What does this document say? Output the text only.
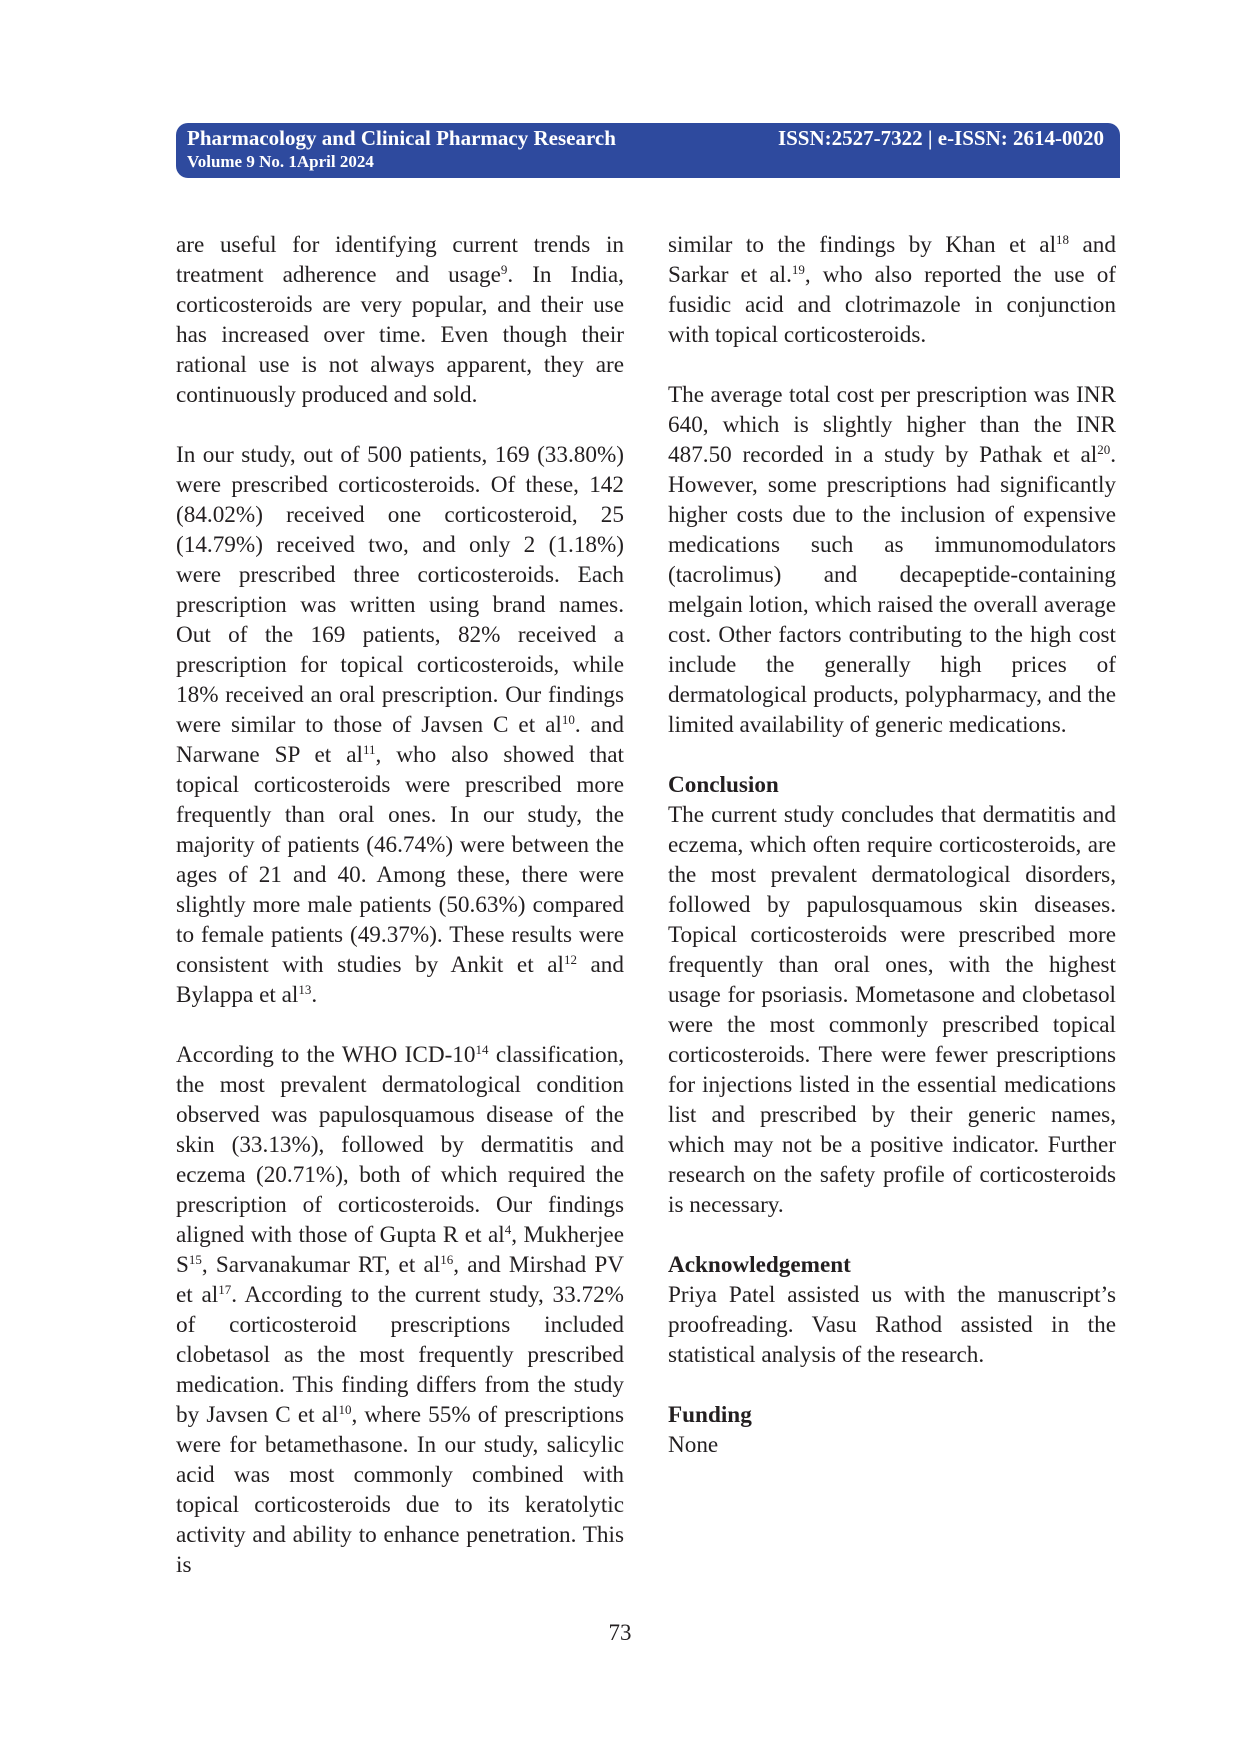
Pharmacology and Clinical Pharmacy Research
Volume 9 No. 1April 2024
ISSN:2527-7322 | e-ISSN: 2614-0020

are useful for identifying current trends in treatment adherence and usage$^9$. In India, corticosteroids are very popular, and their use has increased over time. Even though their rational use is not always apparent, they are continuously produced and sold.

In our study, out of 500 patients, 169 (33.80%) were prescribed corticosteroids. Of these, 142 (84.02%) received one corticosteroid, 25 (14.79%) received two, and only 2 (1.18%) were prescribed three corticosteroids. Each prescription was written using brand names. Out of the 169 patients, 82% received a prescription for topical corticosteroids, while 18% received an oral prescription. Our findings were similar to those of Javsen C et $al^{10}$. and Narwane SP et $al^{11}$, who also showed that topical corticosteroids were prescribed more frequently than oral ones. In our study, the majority of patients (46.74%) were between the ages of 21 and 40. Among these, there were slightly more male patients (50.63%) compared to female patients (49.37%). These results were consistent with studies by Ankit et $al^{12}$ and Bylappa et $al^{13}$.

According to the WHO ICD-$10^{14}$ classification, the most prevalent dermatological condition observed was papulosquamous disease of the skin (33.13%), followed by dermatitis and eczema (20.71%), both of which required the prescription of corticosteroids. Our findings aligned with those of Gupta R et $al^4$, Mukherjee $S^{15}$, Sarvanakumar RT, et $al^{16}$, and Mirshad PV et $al^{17}$. According to the current study, 33.72% of corticosteroid prescriptions included clobetasol as the most frequently prescribed medication. This finding differs from the study by Javsen C et $al^{10}$, where 55% of prescriptions were for betamethasone. In our study, salicylic acid was most commonly combined with topical corticosteroids due to its keratolytic activity and ability to enhance penetration. This is

similar to the findings by Khan et $al^{18}$ and Sarkar et al.$^{19}$, who also reported the use of fusidic acid and clotrimazole in conjunction with topical corticosteroids.

The average total cost per prescription was INR 640, which is slightly higher than the INR 487.50 recorded in a study by Pathak et $al^{20}$. However, some prescriptions had significantly higher costs due to the inclusion of expensive medications such as immunomodulators (tacrolimus) and decapeptide-containing melgain lotion, which raised the overall average cost. Other factors contributing to the high cost include the generally high prices of dermatological products, polypharmacy, and the limited availability of generic medications.

Conclusion

The current study concludes that dermatitis and eczema, which often require corticosteroids, are the most prevalent dermatological disorders, followed by papulosquamous skin diseases. Topical corticosteroids were prescribed more frequently than oral ones, with the highest usage for psoriasis. Mometasone and clobetasol were the most commonly prescribed topical corticosteroids. There were fewer prescriptions for injections listed in the essential medications list and prescribed by their generic names, which may not be a positive indicator. Further research on the safety profile of corticosteroids is necessary.

Acknowledgement

Priya Patel assisted us with the manuscript’s proofreading. Vasu Rathod assisted in the statistical analysis of the research.

Funding

None

73
